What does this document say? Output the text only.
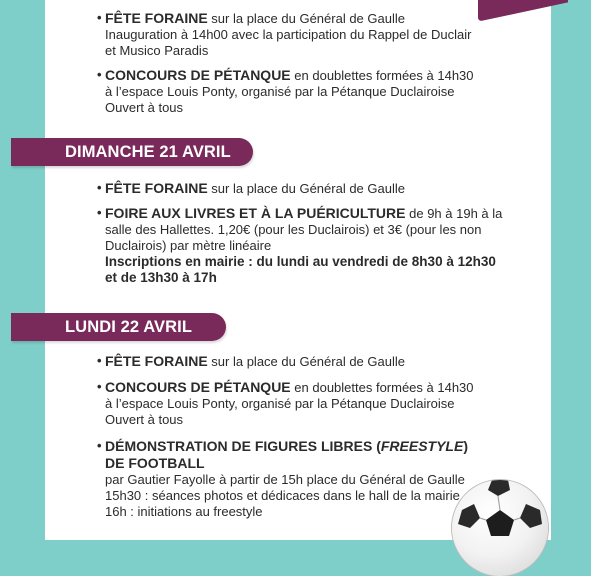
• FÊTE FORAINE sur la place du Général de Gaulle
Inauguration à 14h00 avec la participation du Rappel de Duclair
et Musico Paradis
• CONCOURS DE PÉTANQUE en doublettes formées à 14h30
à l’espace Louis Ponty, organisé par la Pétanque Duclairoise
Ouvert à tous
DIMANCHE 21 AVRIL
• FÊTE FORAINE sur la place du Général de Gaulle
• FOIRE AUX LIVRES ET À LA PUÉRICULTURE de 9h à 19h à la
salle des Hallettes. 1,20€ (pour les Duclairois) et 3€ (pour les non
Duclairois) par mètre linéaire
Inscriptions en mairie : du lundi au vendredi de 8h30 à 12h30
et de 13h30 à 17h
LUNDI 22 AVRIL
• FÊTE FORAINE sur la place du Général de Gaulle
• CONCOURS DE PÉTANQUE en doublettes formées à 14h30
à l’espace Louis Ponty, organisé par la Pétanque Duclairoise
Ouvert à tous
• DÉMONSTRATION DE FIGURES LIBRES (FREESTYLE)
DE FOOTBALL
par Gautier Fayolle à partir de 15h place du Général de Gaulle
15h30 : séances photos et dédicaces dans le hall de la mairie
16h : initiations au freestyle
